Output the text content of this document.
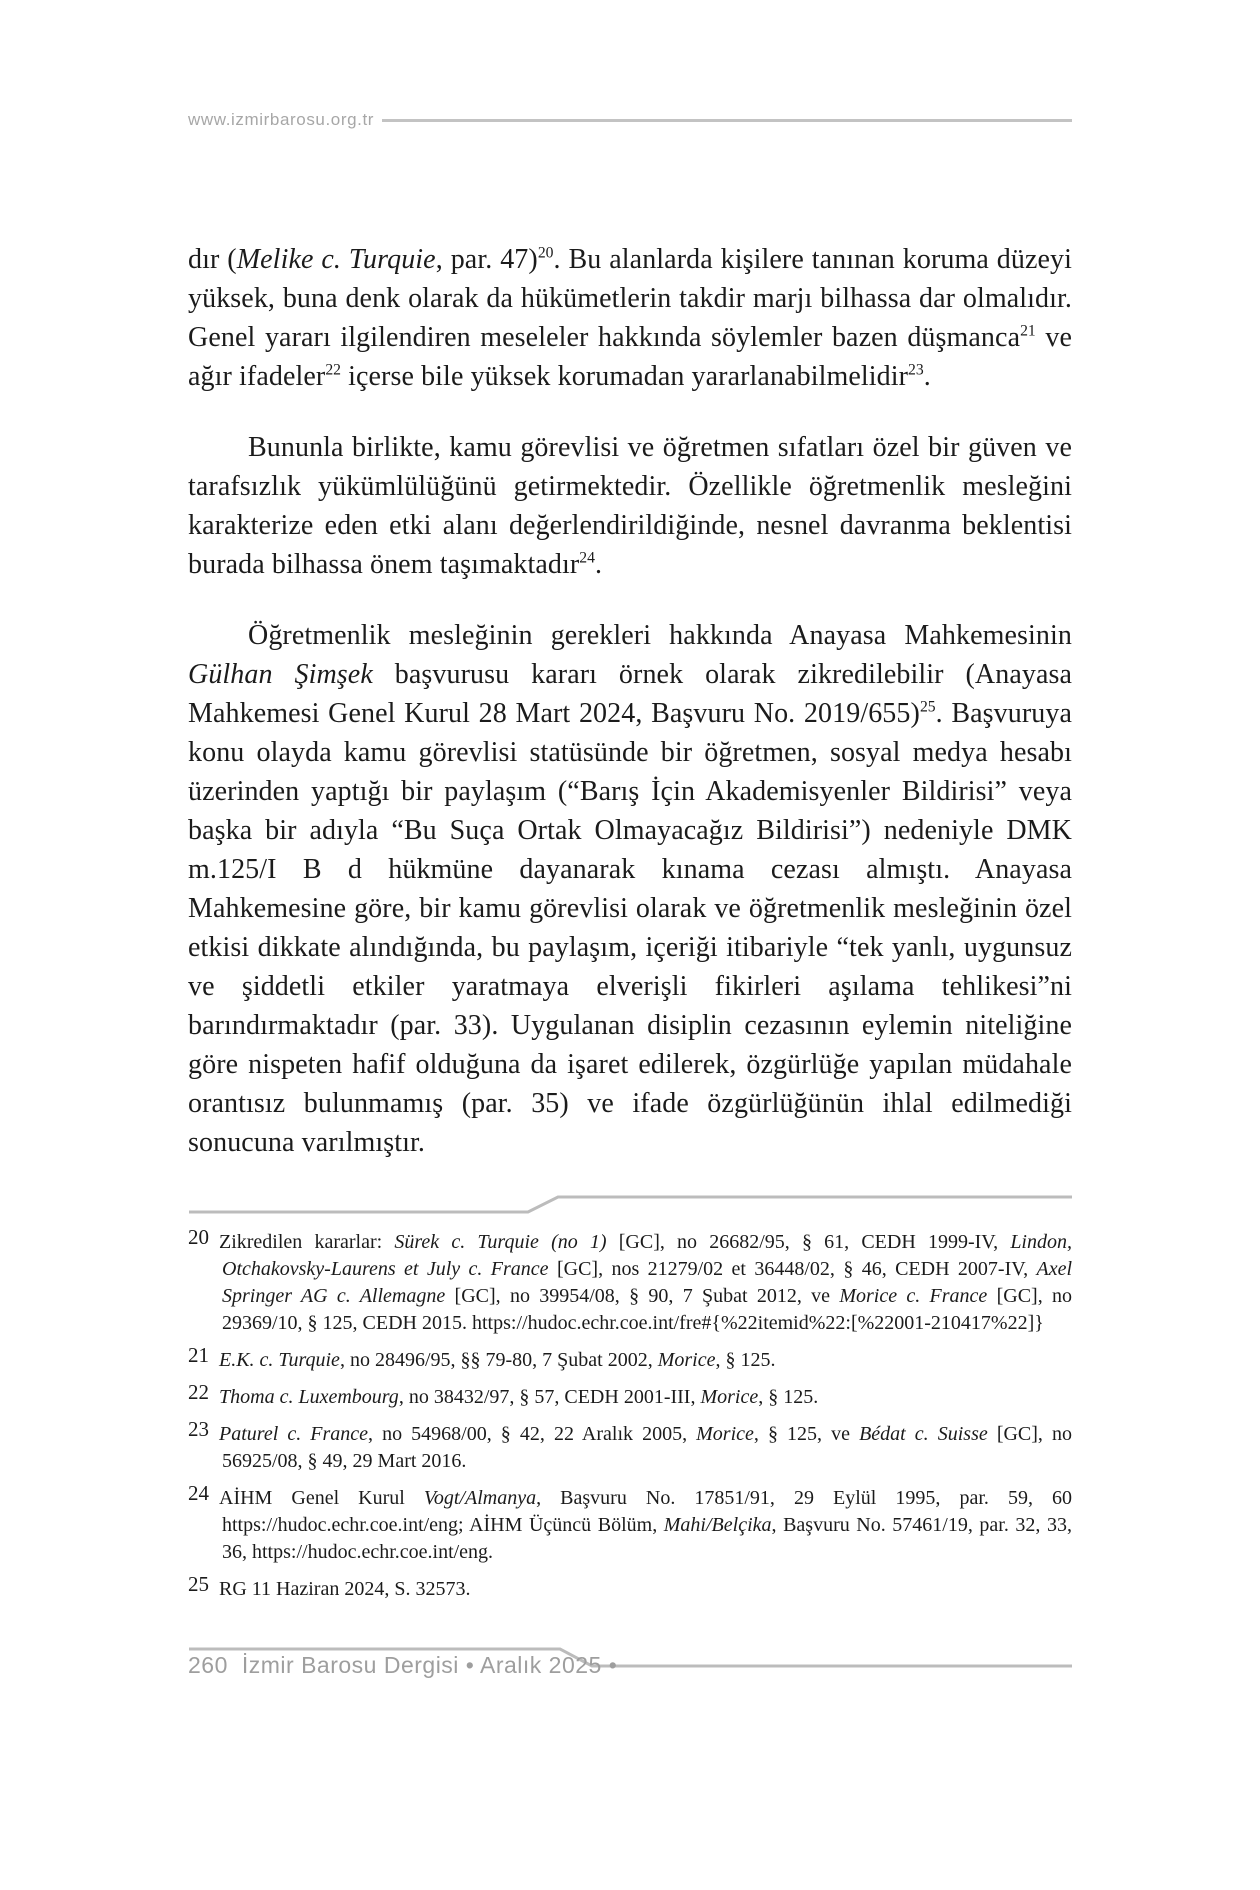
www.izmirbarosu.org.tr

dır (Melike c. Turquie, par. 47)$^{20}$. Bu alanlarda kişilere tanınan koruma düzeyi yüksek, buna denk olarak da hükümetlerin takdir marjı bilhassa dar olmalıdır. Genel yararı ilgilendiren meseleler hakkında söylemler bazen düşmanca$^{21}$ ve ağır ifadeler$^{22}$ içerse bile yüksek korumadan yararlanabilmelidir$^{23}$.

Bununla birlikte, kamu görevlisi ve öğretmen sıfatları özel bir güven ve tarafsızlık yükümlülüğünü getirmektedir. Özellikle öğretmenlik mesleğini karakterize eden etki alanı değerlendirildiğinde, nesnel davranma beklentisi burada bilhassa önem taşımaktadır$^{24}$.

Öğretmenlik mesleğinin gerekleri hakkında Anayasa Mahkemesinin Gülhan Şimşek başvurusu kararı örnek olarak zikredilebilir (Anayasa Mahkemesi Genel Kurul 28 Mart 2024, Başvuru No. 2019/655)$^{25}$. Başvuruya konu olayda kamu görevlisi statüsünde bir öğretmen, sosyal medya hesabı üzerinden yaptığı bir paylaşım (“Barış İçin Akademisyenler Bildirisi” veya başka bir adıyla “Bu Suça Ortak Olmayacağız Bildirisi”) nedeniyle DMK m.125/I B d hükmüne dayanarak kınama cezası almıştı. Anayasa Mahkemesine göre, bir kamu görevlisi olarak ve öğretmenlik mesleğinin özel etkisi dikkate alındığında, bu paylaşım, içeriği itibariyle “tek yanlı, uygunsuz ve şiddetli etkiler yaratmaya elverişli fikirleri aşılama tehlikesi”ni barındırmaktadır (par. 33). Uygulanan disiplin cezasının eylemin niteliğine göre nispeten hafif olduğuna da işaret edilerek, özgürlüğe yapılan müdahale orantısız bulunmamış (par. 35) ve ifade özgürlüğünün ihlal edilmediği sonucuna varılmıştır.

20 Zikredilen kararlar: Sürek c. Turquie (no 1) [GC], no 26682/95, § 61, CEDH 1999-IV, Lindon, Otchakovsky-Laurens et July c. France [GC], nos 21279/02 et 36448/02, § 46, CEDH 2007-IV, Axel Springer AG c. Allemagne [GC], no 39954/08, § 90, 7 Şubat 2012, ve Morice c. France [GC], no 29369/10, § 125, CEDH 2015. https://hudoc.echr.coe.int/fre#{%22itemid%22:[%22001-210417%22]}
21 E.K. c. Turquie, no 28496/95, §§ 79-80, 7 Şubat 2002, Morice, § 125.
22 Thoma c. Luxembourg, no 38432/97, § 57, CEDH 2001-III, Morice, § 125.
23 Paturel c. France, no 54968/00, § 42, 22 Aralık 2005, Morice, § 125, ve Bédat c. Suisse [GC], no 56925/08, § 49, 29 Mart 2016.
24 AİHM Genel Kurul Vogt/Almanya, Başvuru No. 17851/91, 29 Eylül 1995, par. 59, 60 https://hudoc.echr.coe.int/eng; AİHM Üçüncü Bölüm, Mahi/Belçika, Başvuru No. 57461/19, par. 32, 33, 36, https://hudoc.echr.coe.int/eng.
25 RG 11 Haziran 2024, S. 32573.
260 İzmir Barosu Dergisi • Aralık 2025 •
